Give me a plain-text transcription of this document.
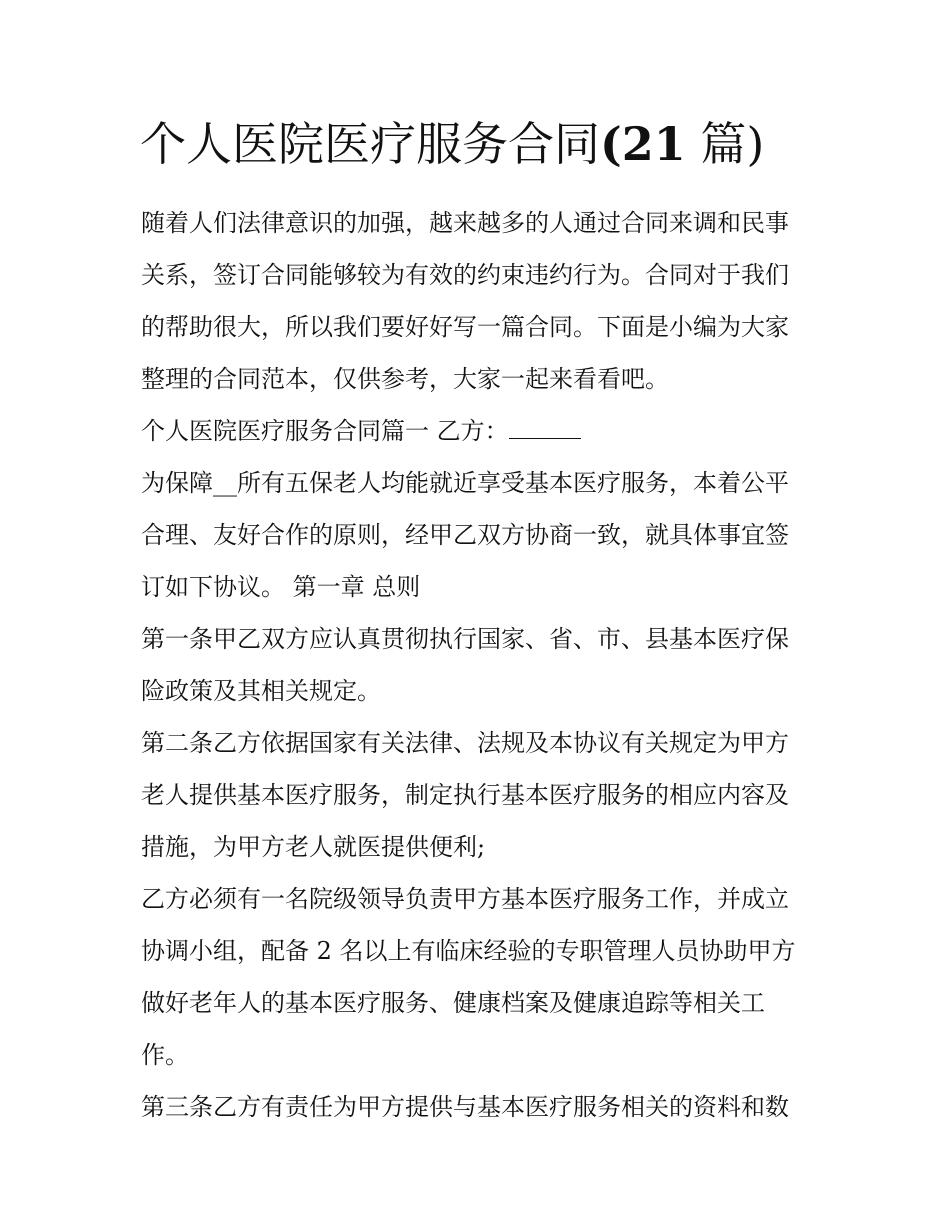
个人医院医疗服务合同(21 篇)

随着人们法律意识的加强，越来越多的人通过合同来调和民事

关系，签订合同能够较为有效的约束违约行为。合同对于我们

的帮助很大，所以我们要好好写一篇合同。下面是小编为大家

整理的合同范本，仅供参考，大家一起来看看吧。

个人医院医疗服务合同篇一 乙方：

为保障__所有五保老人均能就近享受基本医疗服务，本着公平

合理、友好合作的原则，经甲乙双方协商一致，就具体事宜签

订如下协议。 第一章 总则

第一条甲乙双方应认真贯彻执行国家、省、市、县基本医疗保

险政策及其相关规定。

第二条乙方依据国家有关法律、法规及本协议有关规定为甲方

老人提供基本医疗服务，制定执行基本医疗服务的相应内容及

措施，为甲方老人就医提供便利;

乙方必须有一名院级领导负责甲方基本医疗服务工作，并成立

协调小组，配备 2 名以上有临床经验的专职管理人员协助甲方

做好老年人的基本医疗服务、健康档案及健康追踪等相关工

作。

第三条乙方有责任为甲方提供与基本医疗服务相关的资料和数
